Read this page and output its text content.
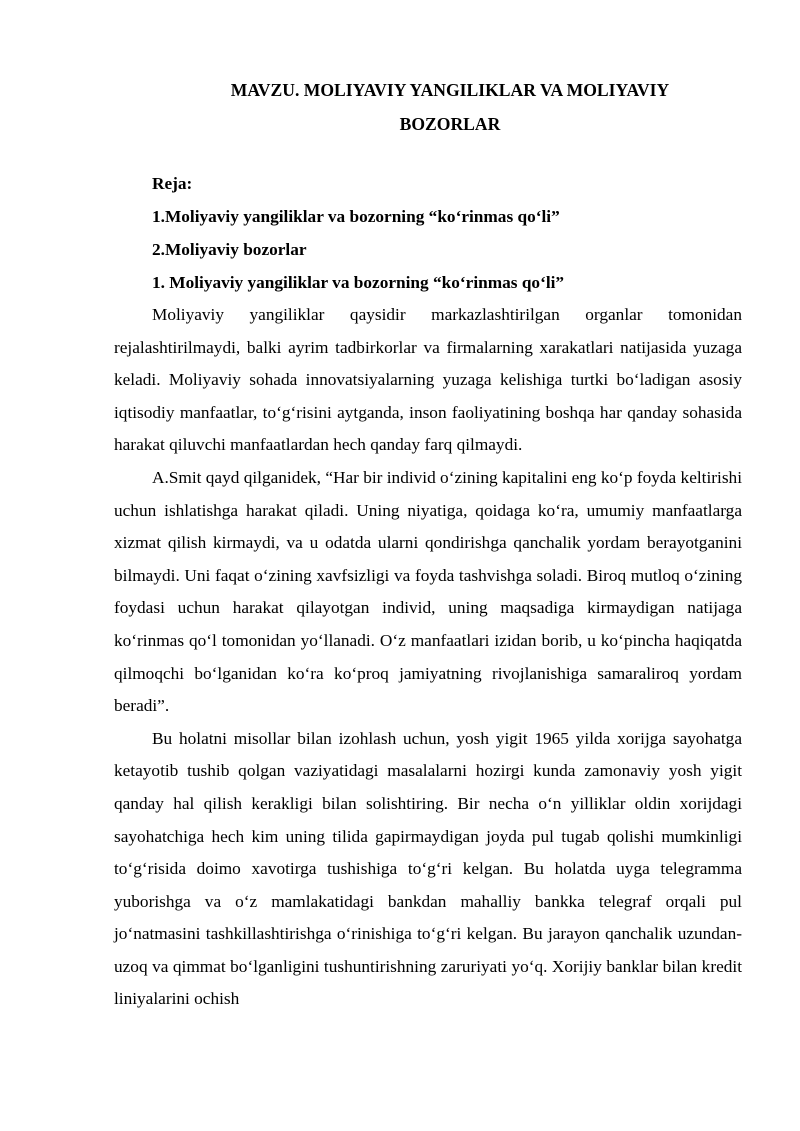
MAVZU. MOLIYAVIY YANGILIKLAR VA MOLIYAVIY
BOZORLAR
Reja:
1.Moliyaviy yangiliklar va bozorning “ko‘rinmas qo‘li”
2.Moliyaviy bozorlar
1. Moliyaviy yangiliklar va bozorning “ko‘rinmas qo‘li”

Moliyaviy yangiliklar qaysidir markazlashtirilgan organlar tomonidan rejalashtirilmaydi, balki ayrim tadbirkorlar va firmalarning xarakatlari natijasida yuzaga keladi. Moliyaviy sohada innovatsiyalarning yuzaga kelishiga turtki bo‘ladigan asosiy iqtisodiy manfaatlar, to‘g‘risini aytganda, inson faoliyatining boshqa har qanday sohasida harakat qiluvchi manfaatlardan hech qanday farq qilmaydi.

A.Smit qayd qilganidek, “Har bir individ o‘zining kapitalini eng ko‘p foyda keltirishi uchun ishlatishga harakat qiladi. Uning niyatiga, qoidaga ko‘ra, umumiy manfaatlarga xizmat qilish kirmaydi, va u odatda ularni qondirishga qanchalik yordam berayotganini bilmaydi. Uni faqat o‘zining xavfsizligi va foyda tashvishga soladi. Biroq mutloq o‘zining foydasi uchun harakat qilayotgan individ, uning maqsadiga kirmaydigan natijaga ko‘rinmas qo‘l tomonidan yo‘llanadi. O‘z manfaatlari izidan borib, u ko‘pincha haqiqatda qilmoqchi bo‘lganidan ko‘ra ko‘proq jamiyatning rivojlanishiga samaraliroq yordam beradi”.

Bu holatni misollar bilan izohlash uchun, yosh yigit 1965 yilda xorijga sayohatga ketayotib tushib qolgan vaziyatidagi masalalarni hozirgi kunda zamonaviy yosh yigit qanday hal qilish kerakligi bilan solishtiring. Bir necha o‘n yilliklar oldin xorijdagi sayohatchiga hech kim uning tilida gapirmaydigan joyda pul tugab qolishi mumkinligi to‘g‘risida doimo xavotirga tushishiga to‘g‘ri kelgan. Bu holatda uyga telegramma yuborishga va o‘z mamlakatidagi bankdan mahalliy bankka telegraf orqali pul jo‘natmasini tashkillashtirishga o‘rinishiga to‘g‘ri kelgan. Bu jarayon qanchalik uzundan-uzoq va qimmat bo‘lganligini tushuntirishning zaruriyati yo‘q. Xorijiy banklar bilan kredit liniyalarini ochish
